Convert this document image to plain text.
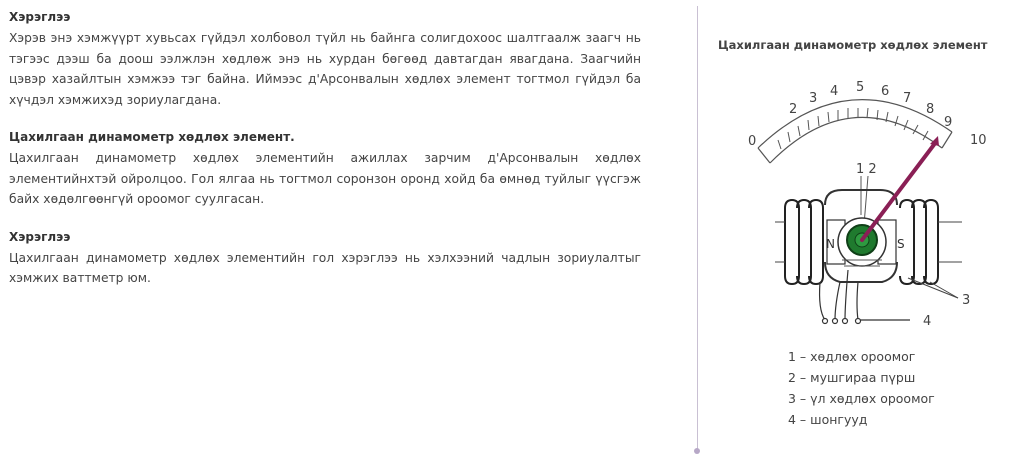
Хэрэглээ

Хэрэв энэ хэмжүүрт хувьсах гүйдэл холбовол түйл нь байнга солигдохоос шалтгаалж заагч нь тэгээс дээш ба доош ээлжлэн хөдлөж энэ нь хурдан бөгөөд давтагдан явагдана. Заагчийн цэвэр хазайлтын хэмжээ тэг байна. Иймээс д'Арсонвалын хөдлөх элемент тогтмол гүйдэл ба хүчдэл хэмжихэд зориулагдана.

Цахилгаан динамометр хөдлөх элемент.

Цахилгаан динамометр хөдлөх элементийн ажиллах зарчим д'Арсонвалын хөдлөх элементийнхтэй ойролцоо. Гол ялгаа нь тогтмол соронзон оронд хойд ба өмнөд туйлыг үүсгэж байх хөдөлгөөнгүй ороомог суулгасан.

Хэрэглээ

Цахилгаан динамометр хөдлөх элементийн гол хэрэглээ нь хэлхээний чадлын зориулалтыг хэмжих ваттметр юм.

Цахилгаан динамометр хөдлөх элемент
0
2
3 4 5 6 7
8
9
10
1 2
N	S
4
3
1 – хөдлөх ороомог
2 – мушгираа пүрш
3 – үл хөдлөх ороомог
4 – шонгууд
